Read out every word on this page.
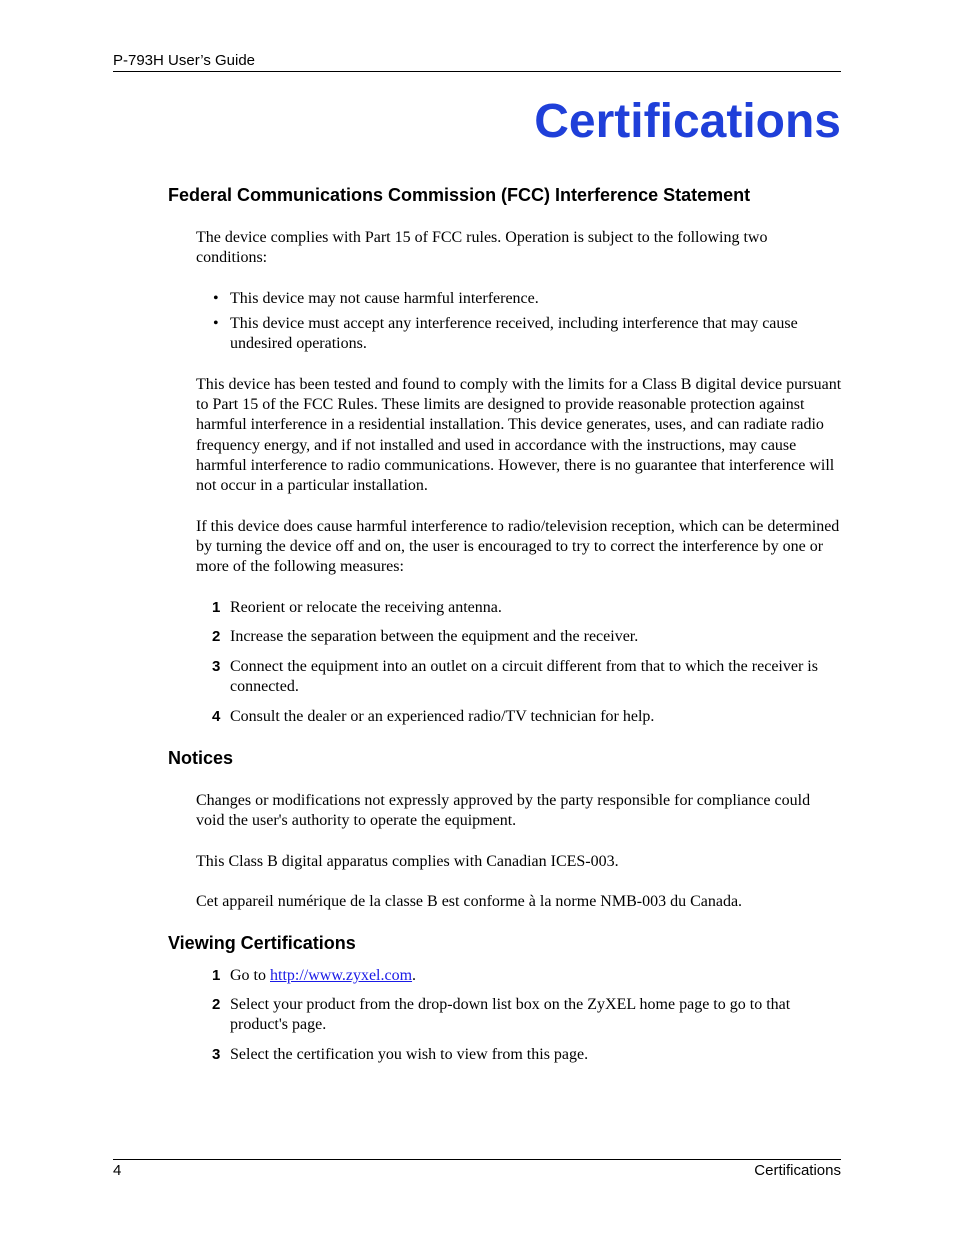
P-793H User’s Guide
Certifications
Federal Communications Commission (FCC) Interference Statement
The device complies with Part 15 of FCC rules. Operation is subject to the following two conditions:
• This device may not cause harmful interference.
• This device must accept any interference received, including interference that may cause undesired operations.
This device has been tested and found to comply with the limits for a Class B digital device pursuant to Part 15 of the FCC Rules. These limits are designed to provide reasonable protection against harmful interference in a residential installation. This device generates, uses, and can radiate radio frequency energy, and if not installed and used in accordance with the instructions, may cause harmful interference to radio communications. However, there is no guarantee that interference will not occur in a particular installation.
If this device does cause harmful interference to radio/television reception, which can be determined by turning the device off and on, the user is encouraged to try to correct the interference by one or more of the following measures:
1 Reorient or relocate the receiving antenna.
2 Increase the separation between the equipment and the receiver.
3 Connect the equipment into an outlet on a circuit different from that to which the receiver is connected.
4 Consult the dealer or an experienced radio/TV technician for help.
Notices
Changes or modifications not expressly approved by the party responsible for compliance could void the user's authority to operate the equipment.
This Class B digital apparatus complies with Canadian ICES-003.
Cet appareil numérique de la classe B est conforme à la norme NMB-003 du Canada.
Viewing Certifications
1 Go to http://www.zyxel.com.
2 Select your product from the drop-down list box on the ZyXEL home page to go to that product's page.
3 Select the certification you wish to view from this page.
4	Certifications
